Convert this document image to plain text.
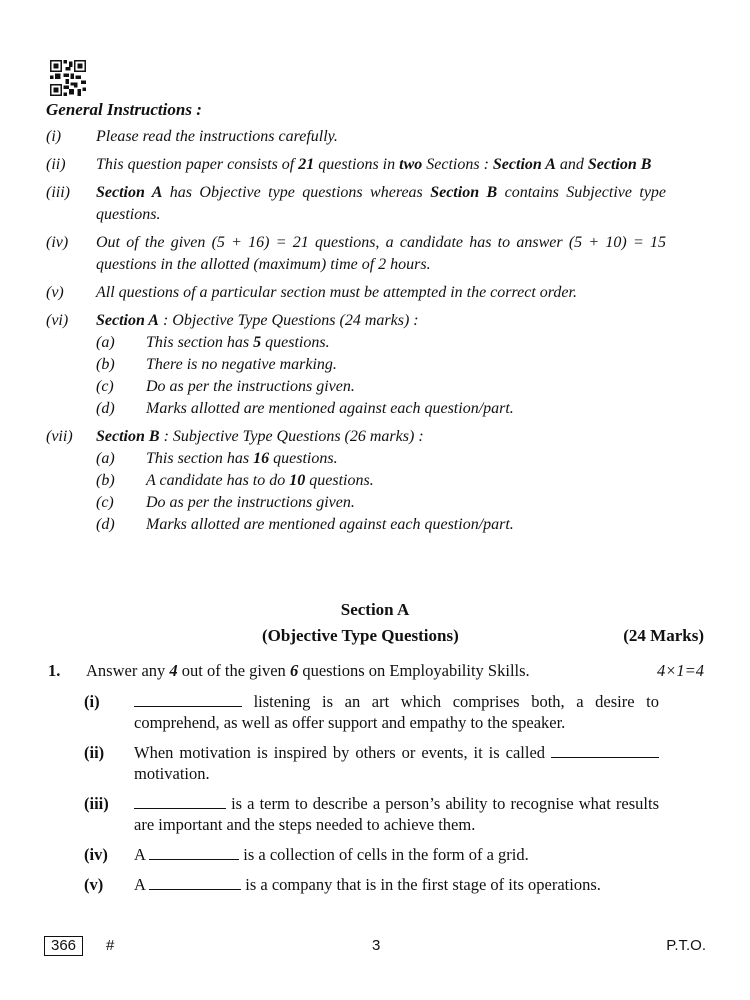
General Instructions :
(i)	Please read the instructions carefully.
(ii)	This question paper consists of 21 questions in two Sections : Section A and Section B
(iii)	Section A has Objective type questions whereas Section B contains Subjective type questions.
(iv)	Out of the given (5 + 16) = 21 questions, a candidate has to answer (5 + 10) = 15 questions in the allotted (maximum) time of 2 hours.
(v)	All questions of a particular section must be attempted in the correct order.
(vi)	Section A : Objective Type Questions (24 marks) :
(a)	This section has 5 questions.
(b)	There is no negative marking.
(c)	Do as per the instructions given.
(d)	Marks allotted are mentioned against each question/part.
(vii)	Section B : Subjective Type Questions (26 marks) :
(a)	This section has 16 questions.
(b)	A candidate has to do 10 questions.
(c)	Do as per the instructions given.
(d)	Marks allotted are mentioned against each question/part.
Section A
(Objective Type Questions)	(24 Marks)
1.	Answer any 4 out of the given 6 questions on Employability Skills.	4×1=4
(i)	listening is an art which comprises both, a desire to comprehend, as well as offer support and empathy to the speaker.
(ii)	When motivation is inspired by others or events, it is called  motivation.
(iii)	is a term to describe a person’s ability to recognise what results are important and the steps needed to achieve them.
(iv)	A	is a collection of cells in the form of a grid.
(v)	A	is a company that is in the first stage of its operations.
366	#	3	P.T.O.
